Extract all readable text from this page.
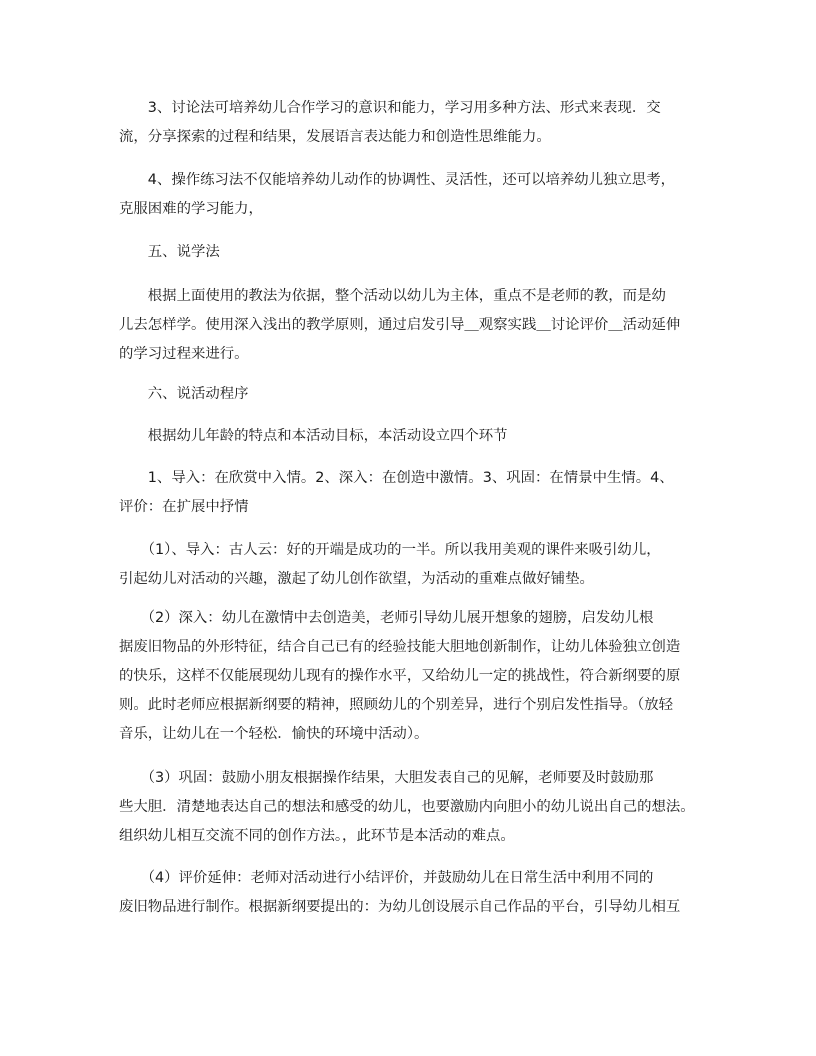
　　3、讨论法可培养幼儿合作学习的意识和能力，学习用多种方法、形式来表现．交
流，分享探索的过程和结果，发展语言表达能力和创造性思维能力。

　　4、操作练习法不仅能培养幼儿动作的协调性、灵活性，还可以培养幼儿独立思考，
克服困难的学习能力，

　　五、说学法

　　根据上面使用的教法为依据，整个活动以幼儿为主体，重点不是老师的教，而是幼
儿去怎样学。使用深入浅出的教学原则，通过启发引导＿观察实践＿讨论评价＿活动延伸
的学习过程来进行。

　　六、说活动程序

　　根据幼儿年龄的特点和本活动目标，本活动设立四个环节

　　1、导入：在欣赏中入情。2、深入：在创造中激情。3、巩固：在情景中生情。4、
评价：在扩展中抒情

　　（1）、导入：古人云：好的开端是成功的一半。所以我用美观的课件来吸引幼儿，
引起幼儿对活动的兴趣，激起了幼儿创作欲望，为活动的重难点做好铺垫。

　　（2）深入：幼儿在激情中去创造美，老师引导幼儿展开想象的翅膀，启发幼儿根
据废旧物品的外形特征，结合自己已有的经验技能大胆地创新制作，让幼儿体验独立创造
的快乐，这样不仅能展现幼儿现有的操作水平，又给幼儿一定的挑战性，符合新纲要的原
则。此时老师应根据新纲要的精神，照顾幼儿的个别差异，进行个别启发性指导。（放轻
音乐，让幼儿在一个轻松．愉快的环境中活动）。

　　（3）巩固：鼓励小朋友根据操作结果，大胆发表自己的见解，老师要及时鼓励那
些大胆．清楚地表达自己的想法和感受的幼儿，也要激励内向胆小的幼儿说出自己的想法。
组织幼儿相互交流不同的创作方法。，此环节是本活动的难点。

　　（4）评价延伸：老师对活动进行小结评价，并鼓励幼儿在日常生活中利用不同的
废旧物品进行制作。根据新纲要提出的：为幼儿创设展示自己作品的平台，引导幼儿相互
